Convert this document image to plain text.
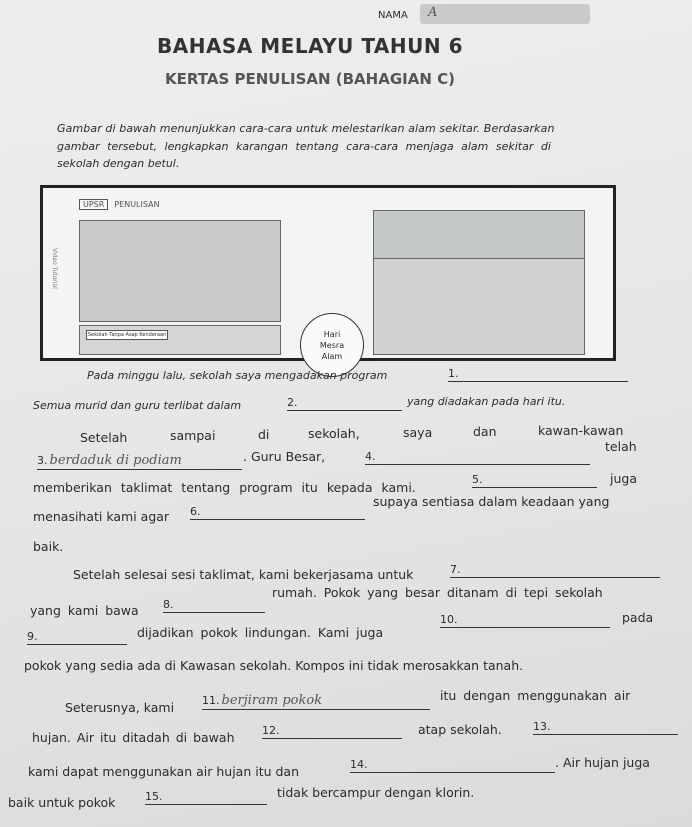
NAMA A
BAHASA MELAYU TAHUN 6
KERTAS PENULISAN (BAHAGIAN C)
Gambar di bawah menunjukkan cara-cara untuk melestarikan alam sekitar. Berdasarkan
gambar tersebut, lengkapkan karangan tentang cara-cara menjaga alam sekitar di
sekolah dengan betul.
UPSR PENULISAN
Sekolah Tanpa Asap Kenderaan	Hari
Mesra
Alam
Video Tutorial
Pada minggu lalu, sekolah saya mengadakan program	1.
Semua murid dan guru terlibat dalam	2.	yang diadakan pada hari itu.
Setelah	sampai	di	sekolah,	saya	dan	kawan-kawan
3. berdaduk di podiam	. Guru Besar,	4.
telah
memberikan taklimat tentang program itu kepada kami.
5.	juga
menasihati kami agar 6.
supaya sentiasa dalam keadaan yang
baik.
Setelah selesai sesi taklimat, kami bekerjasama untuk	7.
yang kami bawa 8.
rumah. Pokok yang besar ditanam di tepi sekolah
9.	dijadikan pokok lindungan. Kami juga
10.	pada
pokok yang sedia ada di Kawasan sekolah. Kompos ini tidak merosakkan tanah.
Seterusnya, kami	11. berjiram pokok	itu dengan menggunakan air
hujan. Air itu ditadah di bawah	12.	atap sekolah.	13.
kami dapat menggunakan air hujan itu dan	14.	. Air hujan juga
baik untuk pokok	15.	tidak bercampur dengan klorin.
